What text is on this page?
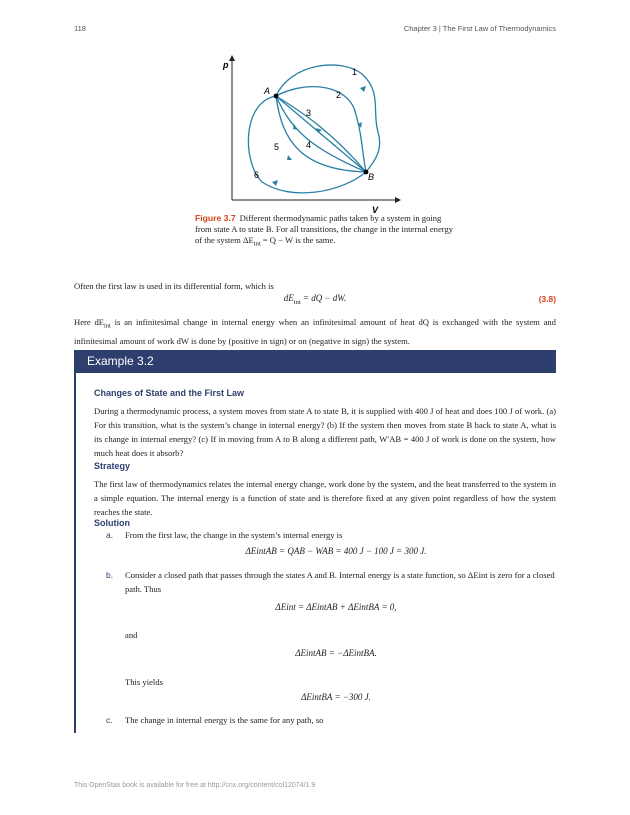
118	Chapter 3 | The First Law of Thermodynamics
p
V
A
B
1
2
3
4
5
6
Figure 3.7 Different thermodynamic paths taken by a system in going from state A to state B. For all transitions, the change in the internal energy of the system $\Delta E_{int} = Q - W$ is the same.
Often the first law is used in its differential form, which is
$dE_{int}$ = dQ − dW.	(3.8)
Here $dE_{int}$ is an infinitesimal change in internal energy when an infinitesimal amount of heat dQ is exchanged with the system and infinitesimal amount of work dW is done by (positive in sign) or on (negative in sign) the system.
Example 3.2
Changes of State and the First Law
During a thermodynamic process, a system moves from state A to state B, it is supplied with 400 J of heat and does 100 J of work. (a) For this transition, what is the system’s change in internal energy? (b) If the system then moves from state B back to state A, what is its change in internal energy? (c) If in moving from A to B along a different path, W′AB = 400 J of work is done on the system, how much heat does it absorb?
Strategy
The first law of thermodynamics relates the internal energy change, work done by the system, and the heat transferred to the system in a simple equation. The internal energy is a function of state and is therefore fixed at any given point regardless of how the system reaches the state.
Solution
a. From the first law, the change in the system’s internal energy is
ΔEintAB = QAB − WAB = 400 J − 100 J = 300 J.
b. Consider a closed path that passes through the states A and B. Internal energy is a state function, so ΔEint is zero for a closed path. Thus
ΔEint = ΔEintAB + ΔEintBA = 0,
and
ΔEintAB = −ΔEintBA.
This yields
ΔEintBA = −300 J.
c. The change in internal energy is the same for any path, so
This OpenStax book is available for free at http://cnx.org/content/col12074/1.9
